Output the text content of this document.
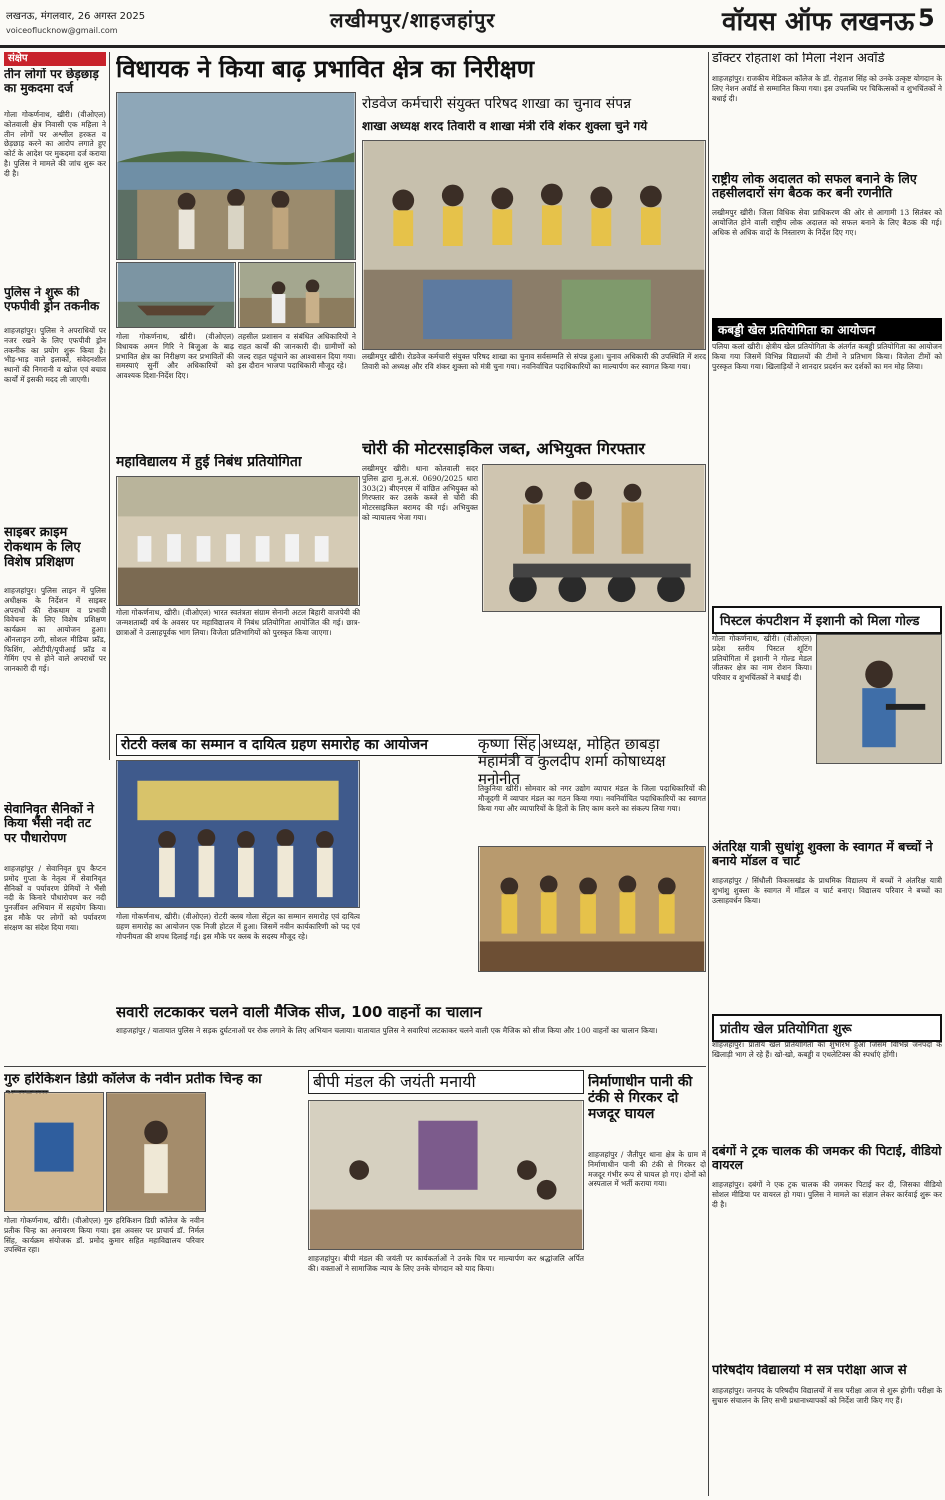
लखनऊ, मंगलवार, 26 अगस्त 2025
voiceoflucknow@gmail.com	लखीमपुर/शाहजहांपुर	वॉयस ऑफ लखनऊ 5
संक्षेप
तीन लोगों पर छेड़छाड़ का मुकदमा दर्ज
गोला गोकर्णनाथ, खीरी। (वीओएल) कोतवाली क्षेत्र निवासी एक महिला ने तीन लोगों पर अश्लील हरकत व छेड़छाड़ करने का आरोप लगाते हुए कोर्ट के आदेश पर मुकदमा दर्ज कराया है। पुलिस ने मामले की जांच शुरू कर दी है।
पुलिस ने शुरू की एफपीवी ड्रोन तकनीक
शाहजहांपुर। पुलिस ने अपराधियों पर नजर रखने के लिए एफपीवी ड्रोन तकनीक का प्रयोग शुरू किया है। भीड़-भाड़ वाले इलाकों, संवेदनशील स्थानों की निगरानी व खोज एवं बचाव कार्यों में इसकी मदद ली जाएगी।
साइबर क्राइम रोकथाम के लिए विशेष प्रशिक्षण
शाहजहांपुर। पुलिस लाइन में पुलिस अधीक्षक के निर्देशन में साइबर अपराधों की रोकथाम व प्रभावी विवेचना के लिए विशेष प्रशिक्षण कार्यक्रम का आयोजन हुआ। ऑनलाइन ठगी, सोशल मीडिया फ्रॉड, फिशिंग, ओटीपी/यूपीआई फ्रॉड व गेमिंग एप से होने वाले अपराधों पर जानकारी दी गई।
सेवानिवृत सैनिकों ने किया भैंसी नदी तट पर पौधारोपण
शाहजहांपुर / सेवानिवृत ग्रुप कैप्टन प्रमोद गुप्ता के नेतृत्व में सेवानिवृत सैनिकों व पर्यावरण प्रेमियों ने भैंसी नदी के किनारे पौधारोपण कर नदी पुनर्जीवन अभियान में सहयोग किया। इस मौके पर लोगों को पर्यावरण संरक्षण का संदेश दिया गया।
विधायक ने किया बाढ़ प्रभावित क्षेत्र का निरीक्षण
गोला गोकर्णनाथ, खीरी। (वीओएल) विधायक अमन गिरि ने बिजुआ के बाढ़ प्रभावित क्षेत्र का निरीक्षण कर प्रभावितों की समस्याएं सुनीं और अधिकारियों को आवश्यक दिशा-निर्देश दिए।
तहसील प्रशासन व संबंधित अधिकारियों ने राहत कार्यों की जानकारी दी। ग्रामीणों को जल्द राहत पहुंचाने का आश्वासन दिया गया। इस दौरान भाजपा पदाधिकारी मौजूद रहे।
रोडवेज कर्मचारी संयुक्त परिषद शाखा का चुनाव संपन्न
शाखा अध्यक्ष शरद तिवारी व शाखा मंत्री रवि शंकर शुक्ला चुने गये
लखीमपुर खीरी। रोडवेज कर्मचारी संयुक्त परिषद शाखा का चुनाव सर्वसम्मति से संपन्न हुआ। चुनाव अधिकारी की उपस्थिति में शरद तिवारी को अध्यक्ष और रवि शंकर शुक्ला को मंत्री चुना गया। नवनिर्वाचित पदाधिकारियों का माल्यार्पण कर स्वागत किया गया।
महाविद्यालय में हुई निबंध प्रतियोगिता
गोला गोकर्णनाथ, खीरी। (वीओएल) भारत स्वतंत्रता संग्राम सेनानी अटल बिहारी वाजपेयी की जन्मशताब्दी वर्ष के अवसर पर महाविद्यालय में निबंध प्रतियोगिता आयोजित की गई। छात्र-छात्राओं ने उत्साहपूर्वक भाग लिया। विजेता प्रतिभागियों को पुरस्कृत किया जाएगा।
चोरी की मोटरसाइकिल जब्त, अभियुक्त गिरफ्तार
लखीमपुर खीरी। थाना कोतवाली सदर पुलिस द्वारा मु.अ.सं. 0690/2025 धारा 303(2) बीएनएस में वांछित अभियुक्त को गिरफ्तार कर उसके कब्जे से चोरी की मोटरसाइकिल बरामद की गई। अभियुक्त को न्यायालय भेजा गया।
रोटरी क्लब का सम्मान व दायित्व ग्रहण समारोह का आयोजन
गोला गोकर्णनाथ, खीरी। (वीओएल) रोटरी क्लब गोला सेंट्रल का सम्मान समारोह एवं दायित्व ग्रहण समारोह का आयोजन एक निजी होटल में हुआ। जिसमें नवीन कार्यकारिणी को पद एवं गोपनीयता की शपथ दिलाई गई। इस मौके पर क्लब के सदस्य मौजूद रहे।
कृष्णा सिंह अध्यक्ष, मोहित छाबड़ा महामंत्री व कुलदीप शर्मा कोषाध्यक्ष मनोनीत
तिकुनिया खीरी। सोमवार को नगर उद्योग व्यापार मंडल के जिला पदाधिकारियों की मौजूदगी में व्यापार मंडल का गठन किया गया। नवनिर्वाचित पदाधिकारियों का स्वागत किया गया और व्यापारियों के हितों के लिए काम करने का संकल्प लिया गया।
सवारी लटकाकर चलने वाली मैजिक सीज, 100 वाहनों का चालान
शाहजहांपुर / यातायात पुलिस ने सड़क दुर्घटनाओं पर रोक लगाने के लिए अभियान चलाया। यातायात पुलिस ने सवारियां लटकाकर चलने वाली एक मैजिक को सीज किया और 100 वाहनों का चालान किया।
गुरु हरिकिशन डिग्री कॉलेज के नवीन प्रतीक चिन्ह का
गोला गोकर्णनाथ, खीरी। (वीओएल) गुरु हरिकिशन डिग्री कॉलेज के नवीन प्रतीक चिन्ह का अनावरण किया गया। इस अवसर पर प्राचार्य डॉ. निर्मल सिंह, कार्यक्रम संयोजक डॉ. प्रमोद कुमार सहित महाविद्यालय परिवार उपस्थित रहा।
बीपी मंडल की जयंती मनायी
शाहजहांपुर। बीपी मंडल की जयंती पर कार्यकर्ताओं ने उनके चित्र पर माल्यार्पण कर श्रद्धांजलि अर्पित की। वक्ताओं ने सामाजिक न्याय के लिए उनके योगदान को याद किया।
निर्माणाधीन पानी की टंकी से गिरकर दो मजदूर घायल
शाहजहांपुर / जैतीपुर थाना क्षेत्र के ग्राम में निर्माणाधीन पानी की टंकी से गिरकर दो मजदूर गंभीर रूप से घायल हो गए। दोनों को अस्पताल में भर्ती कराया गया।
डॉक्टर रोहताश को मिला नेशन अवॉर्ड
शाहजहांपुर। राजकीय मेडिकल कॉलेज के डॉ. रोहताश सिंह को उनके उत्कृष्ट योगदान के लिए नेशन अवॉर्ड से सम्मानित किया गया। इस उपलब्धि पर चिकित्सकों व शुभचिंतकों ने बधाई दी।
राष्ट्रीय लोक अदालत को सफल बनाने के लिए तहसीलदारों संग बैठक कर बनी रणनीति
लखीमपुर खीरी। जिला विधिक सेवा प्राधिकरण की ओर से आगामी 13 सितंबर को आयोजित होने वाली राष्ट्रीय लोक अदालत को सफल बनाने के लिए बैठक की गई। अधिक से अधिक वादों के निस्तारण के निर्देश दिए गए।
कबड्डी खेल प्रतियोगिता का आयोजन
पलिया कलां खीरी। क्षेत्रीय खेल प्रतियोगिता के अंतर्गत कबड्डी प्रतियोगिता का आयोजन किया गया जिसमें विभिन्न विद्यालयों की टीमों ने प्रतिभाग किया। विजेता टीमों को पुरस्कृत किया गया। खिलाड़ियों ने शानदार प्रदर्शन कर दर्शकों का मन मोह लिया।
पिस्टल कंपटीशन में इशानी को मिला गोल्ड
गोला गोकर्णनाथ, खीरी। (वीओएल) प्रदेश स्तरीय पिस्टल शूटिंग प्रतियोगिता में इशानी ने गोल्ड मेडल जीतकर क्षेत्र का नाम रोशन किया। परिवार व शुभचिंतकों ने बधाई दी।
अंतरिक्ष यात्री सुधांशु शुक्ला के स्वागत में बच्चों ने बनाये मॉडल व चार्ट
शाहजहांपुर / सिंधौली विकासखंड के प्राथमिक विद्यालय में बच्चों ने अंतरिक्ष यात्री शुभांशु शुक्ला के स्वागत में मॉडल व चार्ट बनाए। विद्यालय परिवार ने बच्चों का उत्साहवर्धन किया।
प्रांतीय खेल प्रतियोगिता शुरू
शाहजहांपुर। प्रांतीय खेल प्रतियोगिता का शुभारंभ हुआ जिसमें विभिन्न जनपदों के खिलाड़ी भाग ले रहे हैं। खो-खो, कबड्डी व एथलेटिक्स की स्पर्धाएं होंगी।
दबंगों ने ट्रक चालक की जमकर की पिटाई, वीडियो वायरल
शाहजहांपुर। दबंगों ने एक ट्रक चालक की जमकर पिटाई कर दी, जिसका वीडियो सोशल मीडिया पर वायरल हो गया। पुलिस ने मामले का संज्ञान लेकर कार्रवाई शुरू कर दी है।
परिषदीय विद्यालयों में सत्र परीक्षा आज से
शाहजहांपुर। जनपद के परिषदीय विद्यालयों में सत्र परीक्षा आज से शुरू होगी। परीक्षा के सुचारु संचालन के लिए सभी प्रधानाध्यापकों को निर्देश जारी किए गए हैं।
